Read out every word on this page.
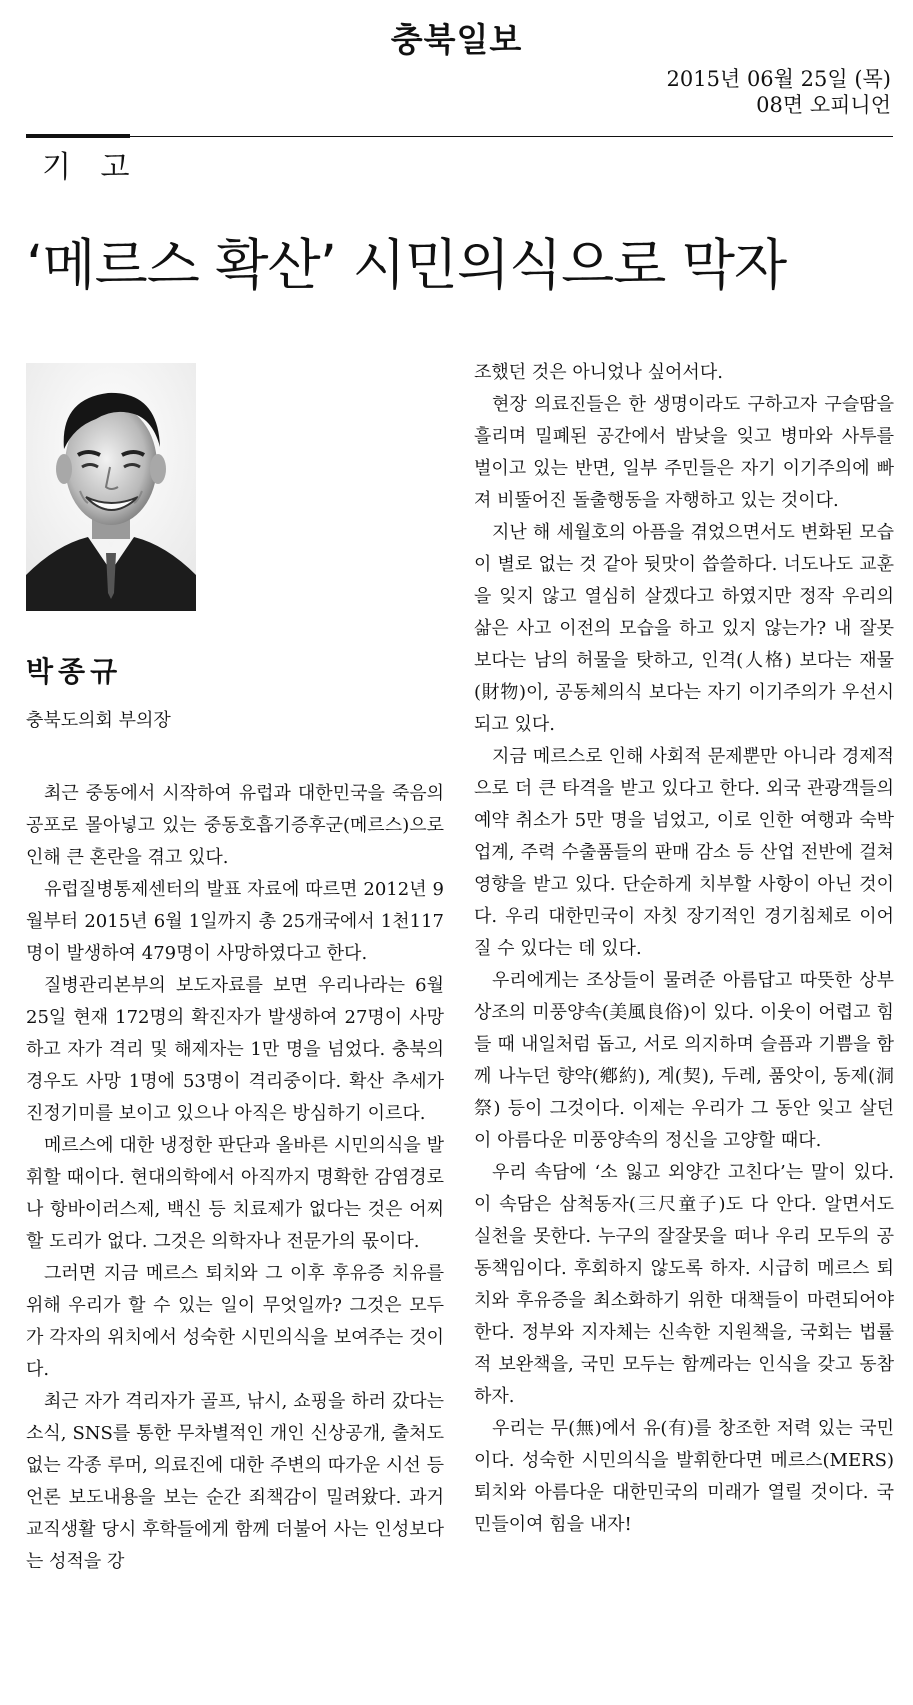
충북일보
2015년 06월 25일 (목)
08면 오피니언
기 고
‘메르스 확산’ 시민의식으로 막자
박종규
충북도의회 부의장

최근 중동에서 시작하여 유럽과 대한민국을 죽음의 공포로 몰아넣고 있는 중동호흡기증후군(메르스)으로 인해 큰 혼란을 겪고 있다.

유럽질병통제센터의 발표 자료에 따르면 2012년 9월부터 2015년 6월 1일까지 총 25개국에서 1천117명이 발생하여 479명이 사망하였다고 한다.

질병관리본부의 보도자료를 보면 우리나라는 6월 25일 현재 172명의 확진자가 발생하여 27명이 사망하고 자가 격리 및 해제자는 1만 명을 넘었다. 충북의 경우도 사망 1명에 53명이 격리중이다. 확산 추세가 진정기미를 보이고 있으나 아직은 방심하기 이르다.

메르스에 대한 냉정한 판단과 올바른 시민의식을 발휘할 때이다. 현대의학에서 아직까지 명확한 감염경로나 항바이러스제, 백신 등 치료제가 없다는 것은 어찌할 도리가 없다. 그것은 의학자나 전문가의 몫이다.

그러면 지금 메르스 퇴치와 그 이후 후유증 치유를 위해 우리가 할 수 있는 일이 무엇일까? 그것은 모두가 각자의 위치에서 성숙한 시민의식을 보여주는 것이다.

최근 자가 격리자가 골프, 낚시, 쇼핑을 하러 갔다는 소식, SNS를 통한 무차별적인 개인 신상공개, 출처도 없는 각종 루머, 의료진에 대한 주변의 따가운 시선 등 언론 보도내용을 보는 순간 죄책감이 밀려왔다. 과거 교직생활 당시 후학들에게 함께 더불어 사는 인성보다는 성적을 강

조했던 것은 아니었나 싶어서다.

현장 의료진들은 한 생명이라도 구하고자 구슬땀을 흘리며 밀폐된 공간에서 밤낮을 잊고 병마와 사투를 벌이고 있는 반면, 일부 주민들은 자기 이기주의에 빠져 비뚤어진 돌출행동을 자행하고 있는 것이다.

지난 해 세월호의 아픔을 겪었으면서도 변화된 모습이 별로 없는 것 같아 뒷맛이 씁쓸하다. 너도나도 교훈을 잊지 않고 열심히 살겠다고 하였지만 정작 우리의 삶은 사고 이전의 모습을 하고 있지 않는가? 내 잘못 보다는 남의 허물을 탓하고, 인격(人格) 보다는 재물(財物)이, 공동체의식 보다는 자기 이기주의가 우선시 되고 있다.

지금 메르스로 인해 사회적 문제뿐만 아니라 경제적으로 더 큰 타격을 받고 있다고 한다. 외국 관광객들의 예약 취소가 5만 명을 넘었고, 이로 인한 여행과 숙박업계, 주력 수출품들의 판매 감소 등 산업 전반에 걸쳐 영향을 받고 있다. 단순하게 치부할 사항이 아닌 것이다. 우리 대한민국이 자칫 장기적인 경기침체로 이어질 수 있다는 데 있다.

우리에게는 조상들이 물려준 아름답고 따뜻한 상부상조의 미풍양속(美風良俗)이 있다. 이웃이 어렵고 힘들 때 내일처럼 돕고, 서로 의지하며 슬픔과 기쁨을 함께 나누던 향약(鄕約), 계(契), 두레, 품앗이, 동제(洞祭) 등이 그것이다. 이제는 우리가 그 동안 잊고 살던 이 아름다운 미풍양속의 정신을 고양할 때다.

우리 속담에 ‘소 잃고 외양간 고친다’는 말이 있다. 이 속담은 삼척동자(三尺童子)도 다 안다. 알면서도 실천을 못한다. 누구의 잘잘못을 떠나 우리 모두의 공동책임이다. 후회하지 않도록 하자. 시급히 메르스 퇴치와 후유증을 최소화하기 위한 대책들이 마련되어야 한다. 정부와 지자체는 신속한 지원책을, 국회는 법률적 보완책을, 국민 모두는 함께라는 인식을 갖고 동참하자.

우리는 무(無)에서 유(有)를 창조한 저력 있는 국민이다. 성숙한 시민의식을 발휘한다면 메르스(MERS) 퇴치와 아름다운 대한민국의 미래가 열릴 것이다. 국민들이여 힘을 내자!
